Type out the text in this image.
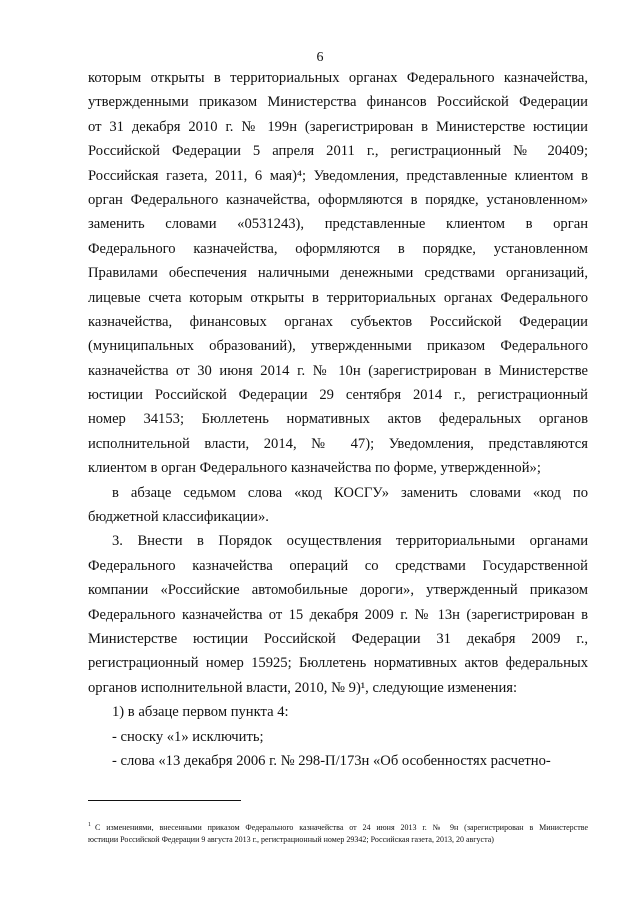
6
которым открыты в территориальных органах Федерального казначейства,
утвержденными приказом Министерства финансов Российской Федерации
от 31 декабря 2010 г. № 199н (зарегистрирован в Министерстве юстиции
Российской Федерации 5 апреля 2011 г., регистрационный № 20409;
Российская газета, 2011, 6 мая)⁴; Уведомления, представленные клиентом в
орган Федерального казначейства, оформляются в порядке, установленном»
заменить словами «0531243), представленные клиентом в орган
Федерального казначейства, оформляются в порядке, установленном
Правилами обеспечения наличными денежными средствами организаций,
лицевые счета которым открыты в территориальных органах Федерального
казначейства, финансовых органах субъектов Российской Федерации
(муниципальных образований), утвержденными приказом Федерального
казначейства от 30 июня 2014 г. № 10н (зарегистрирован в Министерстве
юстиции Российской Федерации 29 сентября 2014 г., регистрационный
номер 34153; Бюллетень нормативных актов федеральных органов
исполнительной власти, 2014, № 47); Уведомления, представляются
клиентом в орган Федерального казначейства по форме, утвержденной»;
в абзаце седьмом слова «код КОСГУ» заменить словами «код по
бюджетной классификации».
3. Внести в Порядок осуществления территориальными органами
Федерального казначейства операций со средствами Государственной
компании «Российские автомобильные дороги», утвержденный приказом
Федерального казначейства от 15 декабря 2009 г. № 13н (зарегистрирован в
Министерстве юстиции Российской Федерации 31 декабря 2009 г.,
регистрационный номер 15925; Бюллетень нормативных актов федеральных
органов исполнительной власти, 2010, № 9)¹, следующие изменения:
1) в абзаце первом пункта 4:
- сноску «1» исключить;
- слова «13 декабря 2006 г. № 298-П/173н «Об особенностях расчетно-
$^1$ С изменениями, внесенными приказом Федерального казначейства от 24 июня 2013 г. № 9н (зарегистрирован в Министерстве
юстиции Российской Федерации 9 августа 2013 г., регистрационный номер 29342; Российская газета, 2013, 20 августа)
